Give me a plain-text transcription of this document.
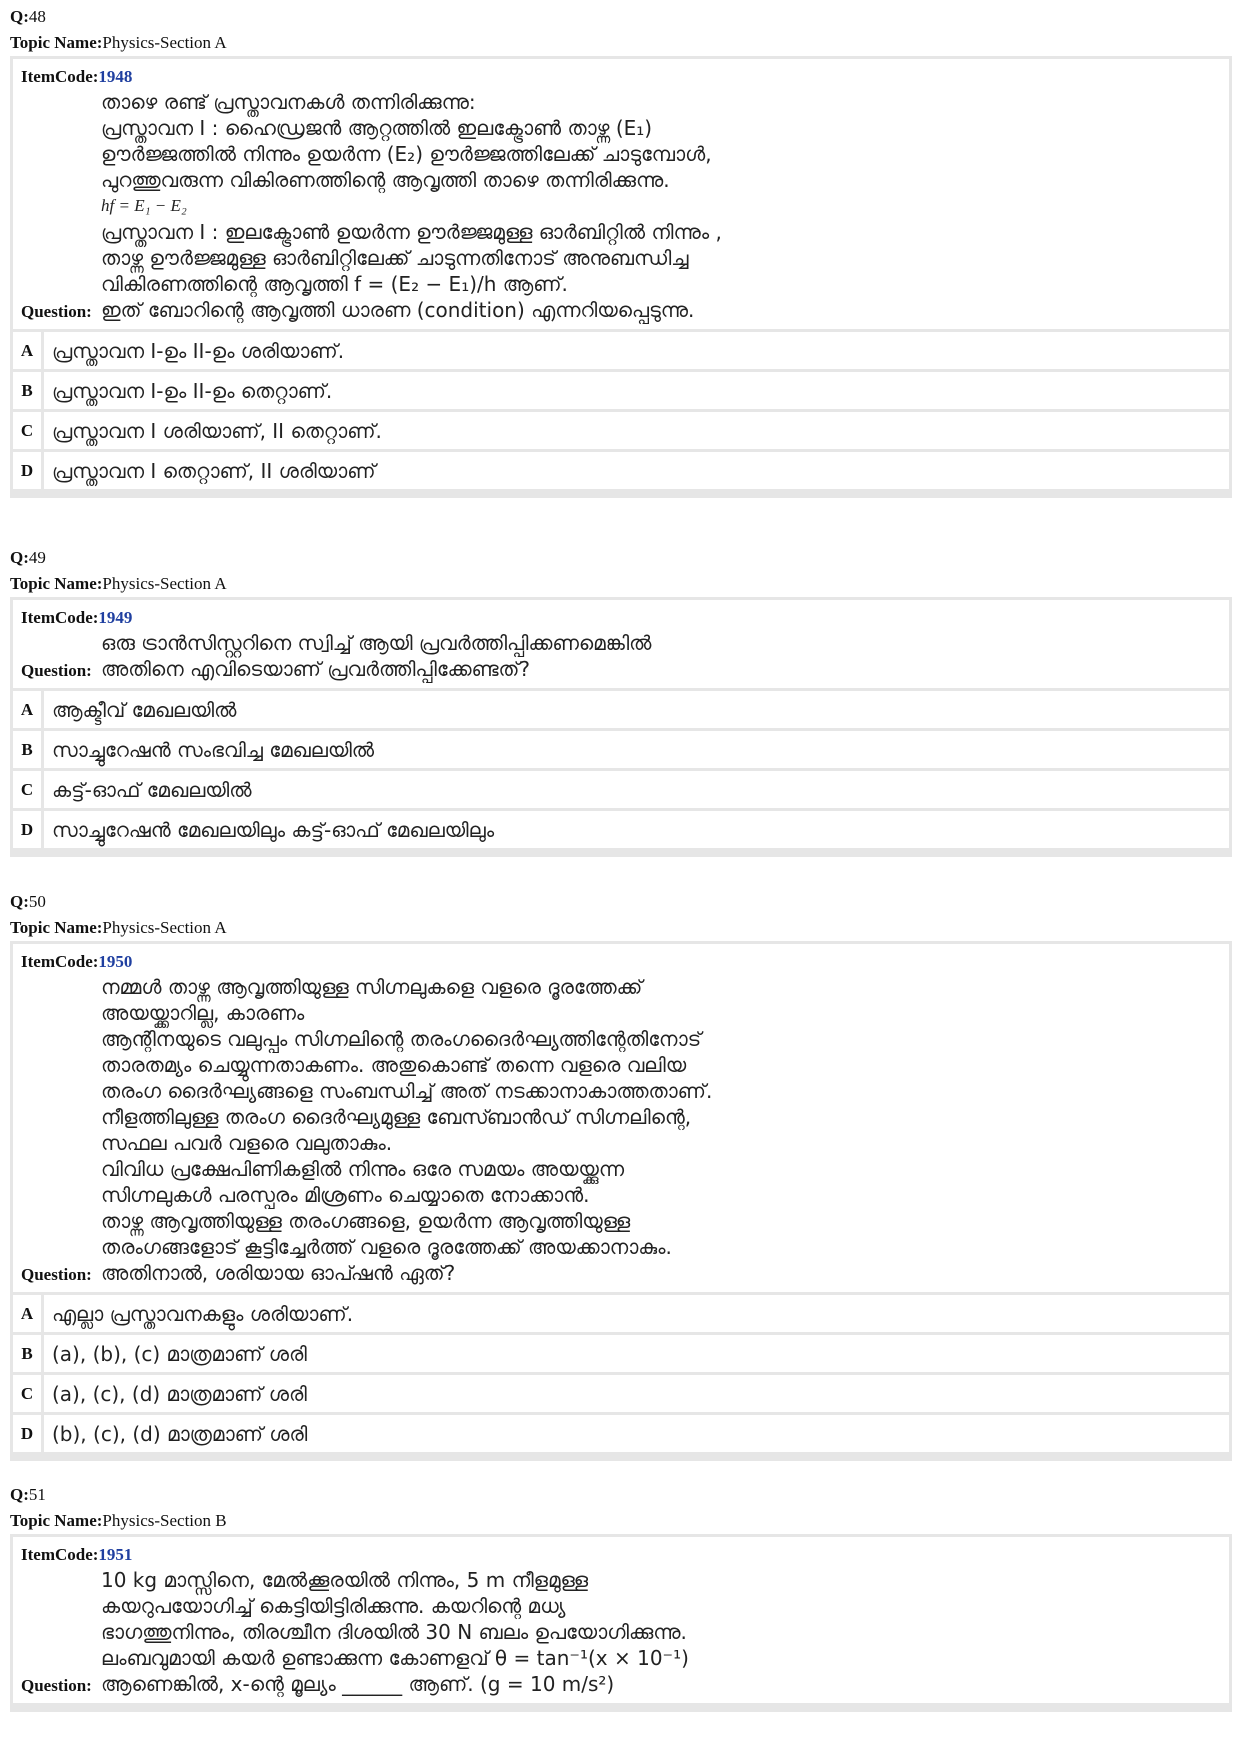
Q:48
Topic Name:Physics-Section A
ItemCode:1948
താഴെ രണ്ട് പ്രസ്താവനകൾ തന്നിരിക്കുന്നു:
പ്രസ്താവന I : ഹൈഡ്രജൻ ആറ്റത്തിൽ ഇലക്ട്രോൺ താഴ്ന്ന (E₁)
ഊർജ്ജത്തിൽ നിന്നും ഉയർന്ന (E₂) ഊർജ്ജത്തിലേക്ക് ചാടുമ്പോൾ,
പുറത്തുവരുന്ന വികിരണത്തിന്റെ ആവൃത്തി താഴെ തന്നിരിക്കുന്നു.
hf = E₁ − E₂
പ്രസ്താവന I : ഇലക്ട്രോൺ ഉയർന്ന ഊർജ്ജമുള്ള ഓർബിറ്റിൽ നിന്നും ,
താഴ്ന്ന ഊർജ്ജമുള്ള ഓർബിറ്റിലേക്ക് ചാടുന്നതിനോട് അനുബന്ധിച്ച
വികിരണത്തിന്റെ ആവൃത്തി f = (E₂ − E₁)/h ആണ്.
Question: ഇത് ബോറിന്റെ ആവൃത്തി ധാരണ (condition) എന്നറിയപ്പെടുന്നു.
A പ്രസ്താവന I-ഉം II-ഉം ശരിയാണ്.
B പ്രസ്താവന I-ഉം II-ഉം തെറ്റാണ്.
C പ്രസ്താവന I ശരിയാണ്, II തെറ്റാണ്.
D പ്രസ്താവന I തെറ്റാണ്, II ശരിയാണ്
Q:49
Topic Name:Physics-Section A
ItemCode:1949
ഒരു ട്രാൻസിസ്റ്ററിനെ സ്വിച്ച് ആയി പ്രവർത്തിപ്പിക്കണമെങ്കിൽ
Question: അതിനെ എവിടെയാണ് പ്രവർത്തിപ്പിക്കേണ്ടത്?
A ആക്ടീവ് മേഖലയിൽ
B സാച്ചുറേഷൻ സംഭവിച്ച മേഖലയിൽ
C കട്ട്-ഓഫ് മേഖലയിൽ
D സാച്ചുറേഷൻ മേഖലയിലും കട്ട്-ഓഫ് മേഖലയിലും
Q:50
Topic Name:Physics-Section A
ItemCode:1950
നമ്മൾ താഴ്ന്ന ആവൃത്തിയുള്ള സിഗ്നലുകളെ വളരെ ദൂരത്തേക്ക്
അയയ്ക്കാറില്ല, കാരണം
ആന്റിനയുടെ വലുപ്പം സിഗ്നലിന്റെ തരംഗദൈർഘ്യത്തിന്റേതിനോട്
താരതമ്യം ചെയ്യുന്നതാകണം. അതുകൊണ്ട് തന്നെ വളരെ വലിയ
തരംഗ ദൈർഘ്യങ്ങളെ സംബന്ധിച്ച് അത് നടക്കാനാകാത്തതാണ്.
നീളത്തിലുള്ള തരംഗ ദൈർഘ്യമുള്ള ബേസ്ബാൻഡ് സിഗ്നലിന്റെ,
സഫല പവർ വളരെ വലുതാകും.
വിവിധ പ്രക്ഷേപിണികളിൽ നിന്നും ഒരേ സമയം അയയ്ക്കുന്ന
സിഗ്നലുകൾ പരസ്പരം മിശ്രണം ചെയ്യാതെ നോക്കാൻ.
താഴ്ന്ന ആവൃത്തിയുള്ള തരംഗങ്ങളെ, ഉയർന്ന ആവൃത്തിയുള്ള
തരംഗങ്ങളോട് കൂട്ടിച്ചേർത്ത് വളരെ ദൂരത്തേക്ക് അയക്കാനാകും.
Question: അതിനാൽ, ശരിയായ ഓപ്ഷൻ ഏത്?
A എല്ലാ പ്രസ്താവനകളും ശരിയാണ്.
B (a), (b), (c) മാത്രമാണ് ശരി
C (a), (c), (d) മാത്രമാണ് ശരി
D (b), (c), (d) മാത്രമാണ് ശരി
Q:51
Topic Name:Physics-Section B
ItemCode:1951
10 kg മാസ്സിനെ, മേൽക്കൂരയിൽ നിന്നും, 5 m നീളമുള്ള
കയറുപയോഗിച്ച് കെട്ടിയിട്ടിരിക്കുന്നു. കയറിന്റെ മധ്യ
ഭാഗത്തുനിന്നും, തിരശ്ചീന ദിശയിൽ 30 N ബലം ഉപയോഗിക്കുന്നു.
ലംബവുമായി കയർ ഉണ്ടാക്കുന്ന കോണളവ് θ = tan⁻¹(x × 10⁻¹)
Question: ആണെങ്കിൽ, x-ന്റെ മൂല്യം ______ ആണ്. (g = 10 m/s²)
